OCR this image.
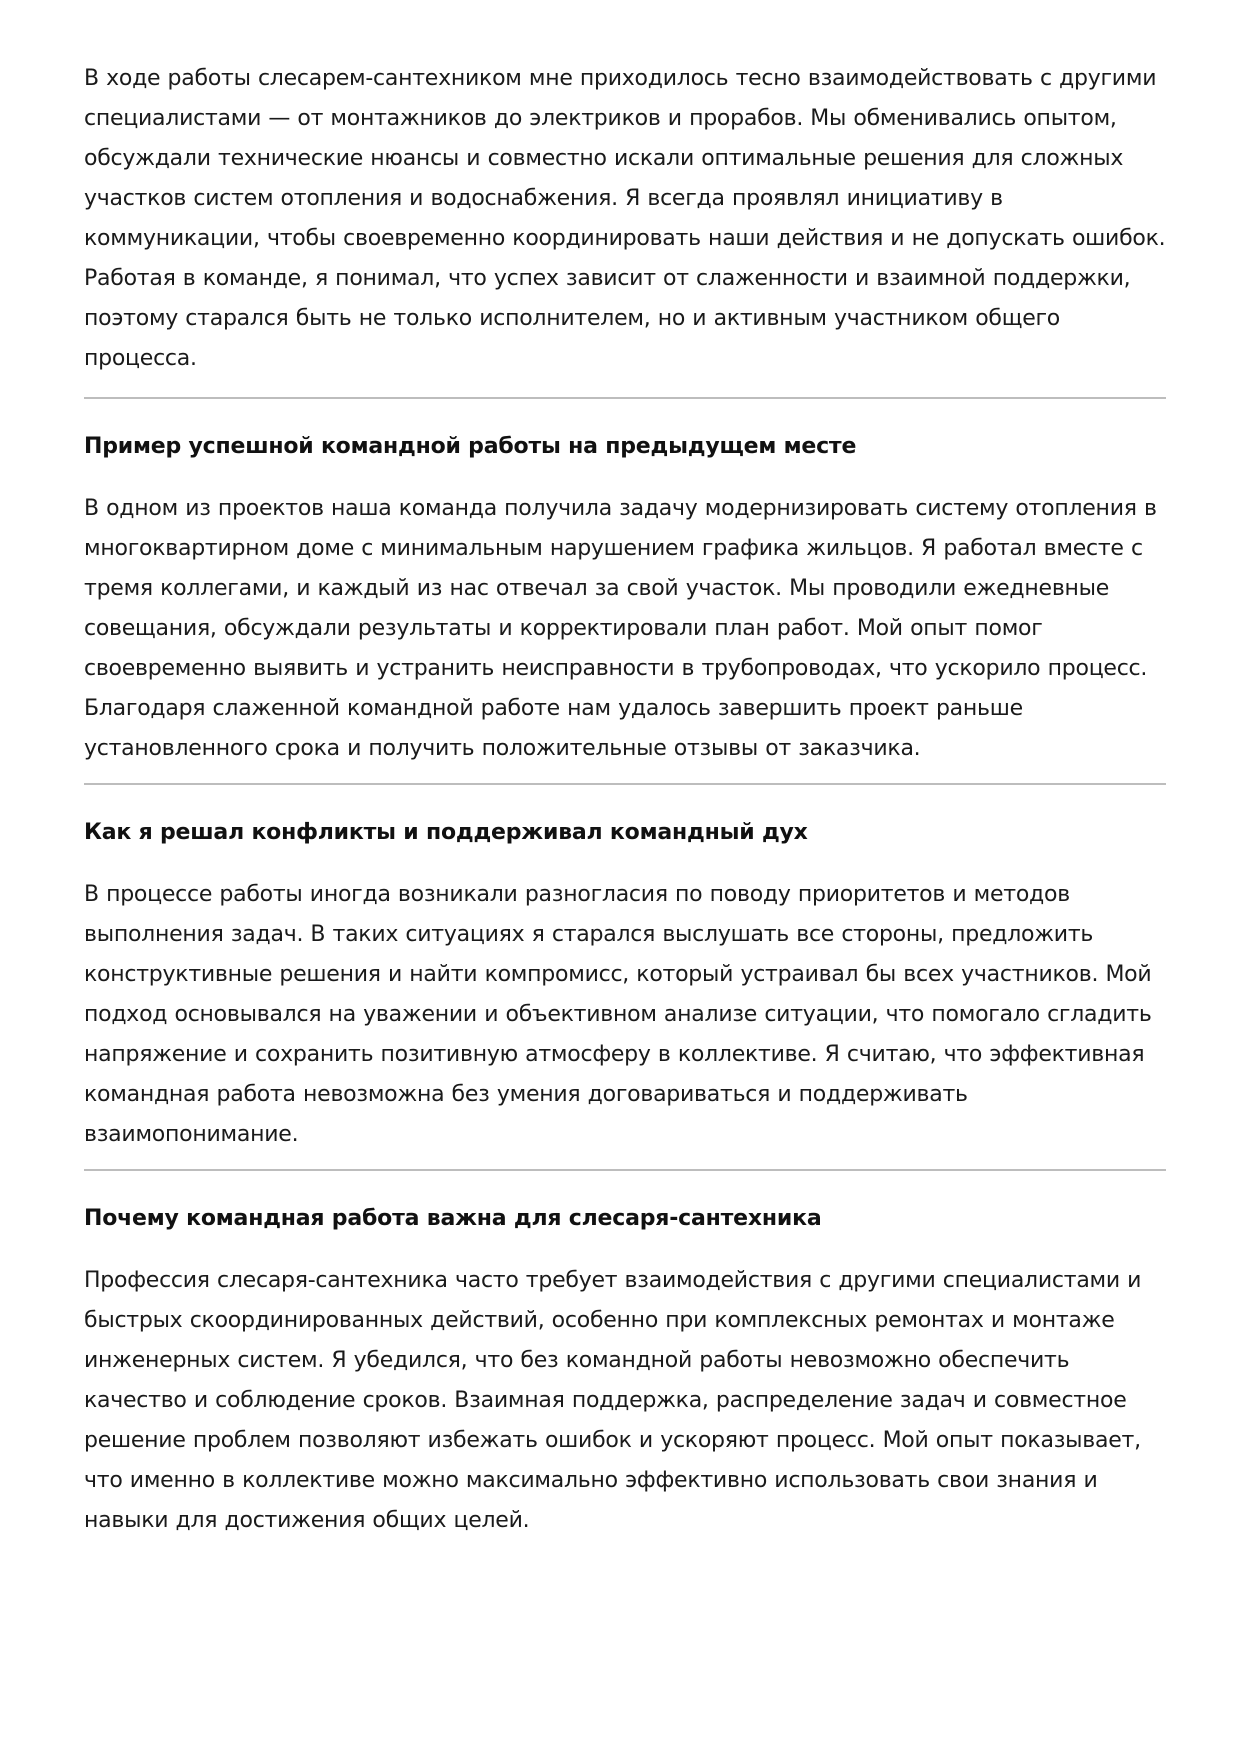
В ходе работы слесарем-сантехником мне приходилось тесно взаимодействовать с другими специалистами — от монтажников до электриков и прорабов. Мы обменивались опытом, обсуждали технические нюансы и совместно искали оптимальные решения для сложных участков систем отопления и водоснабжения. Я всегда проявлял инициативу в коммуникации, чтобы своевременно координировать наши действия и не допускать ошибок. Работая в команде, я понимал, что успех зависит от слаженности и взаимной поддержки, поэтому старался быть не только исполнителем, но и активным участником общего процесса.

Пример успешной командной работы на предыдущем месте

В одном из проектов наша команда получила задачу модернизировать систему отопления в многоквартирном доме с минимальным нарушением графика жильцов. Я работал вместе с тремя коллегами, и каждый из нас отвечал за свой участок. Мы проводили ежедневные совещания, обсуждали результаты и корректировали план работ. Мой опыт помог своевременно выявить и устранить неисправности в трубопроводах, что ускорило процесс. Благодаря слаженной командной работе нам удалось завершить проект раньше установленного срока и получить положительные отзывы от заказчика.

Как я решал конфликты и поддерживал командный дух

В процессе работы иногда возникали разногласия по поводу приоритетов и методов выполнения задач. В таких ситуациях я старался выслушать все стороны, предложить конструктивные решения и найти компромисс, который устраивал бы всех участников. Мой подход основывался на уважении и объективном анализе ситуации, что помогало сгладить напряжение и сохранить позитивную атмосферу в коллективе. Я считаю, что эффективная командная работа невозможна без умения договариваться и поддерживать взаимопонимание.

Почему командная работа важна для слесаря-сантехника

Профессия слесаря-сантехника часто требует взаимодействия с другими специалистами и быстрых скоординированных действий, особенно при комплексных ремонтах и монтаже инженерных систем. Я убедился, что без командной работы невозможно обеспечить качество и соблюдение сроков. Взаимная поддержка, распределение задач и совместное решение проблем позволяют избежать ошибок и ускоряют процесс. Мой опыт показывает, что именно в коллективе можно максимально эффективно использовать свои знания и навыки для достижения общих целей.
